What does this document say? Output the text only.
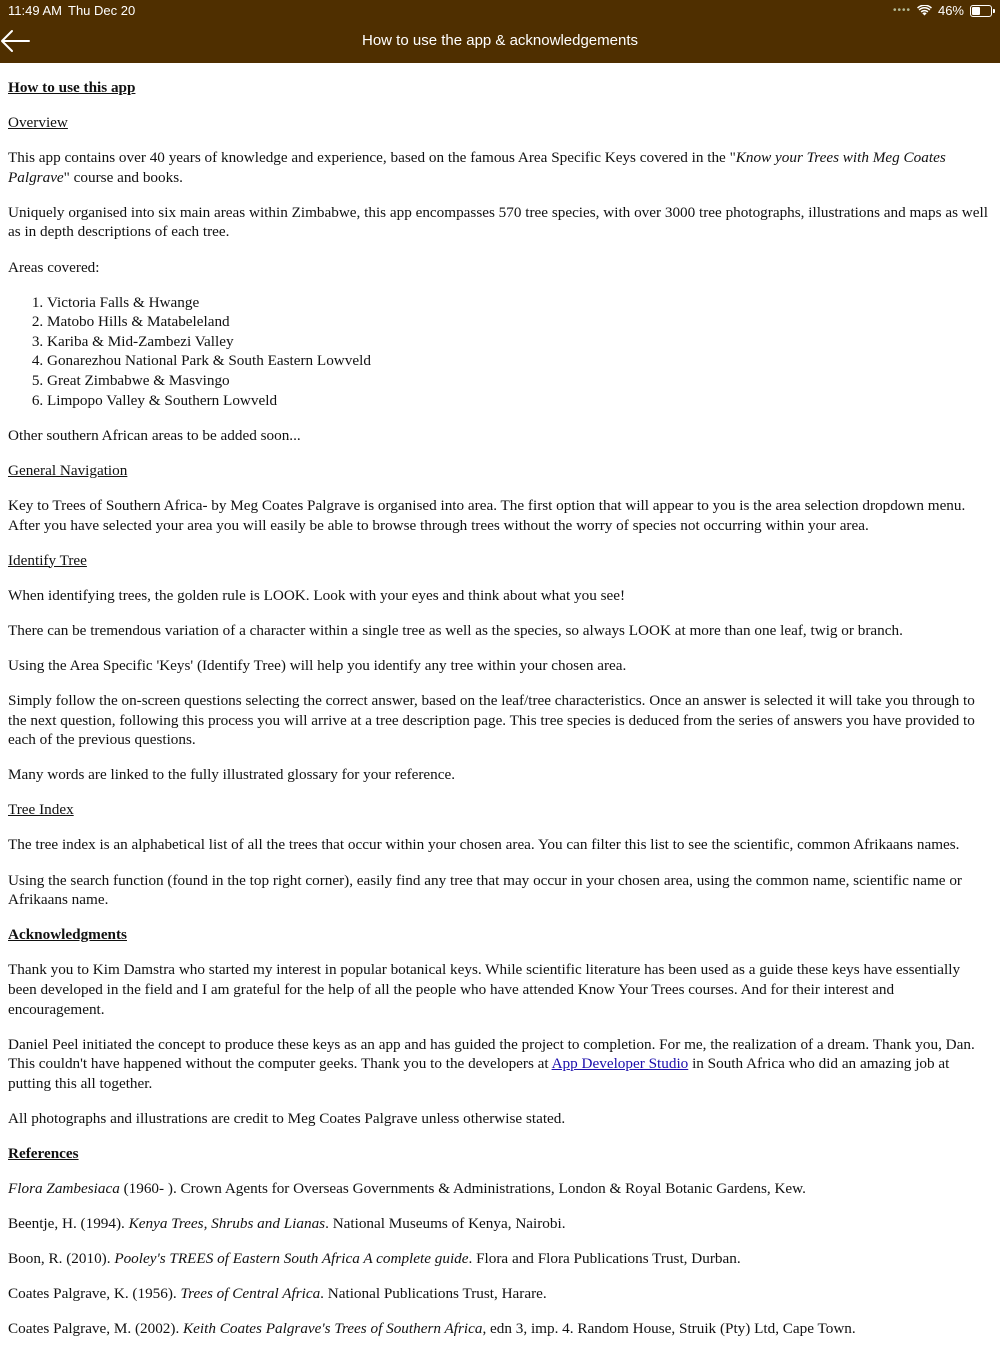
11:49 AM Thu Dec 20	•••• 46%
How to use the app & acknowledgements

How to use this app

Overview

This app contains over 40 years of knowledge and experience, based on the famous Area Specific Keys covered in the "Know your Trees with Meg Coates Palgrave" course and books.

Uniquely organised into six main areas within Zimbabwe, this app encompasses 570 tree species, with over 3000 tree photographs, illustrations and maps as well as in depth descriptions of each tree.

Areas covered:

1. Victoria Falls & Hwange
2. Matobo Hills & Matabeleland
3. Kariba & Mid-Zambezi Valley
4. Gonarezhou National Park & South Eastern Lowveld
5. Great Zimbabwe & Masvingo
6. Limpopo Valley & Southern Lowveld

Other southern African areas to be added soon...

General Navigation

Key to Trees of Southern Africa- by Meg Coates Palgrave is organised into area. The first option that will appear to you is the area selection dropdown menu. After you have selected your area you will easily be able to browse through trees without the worry of species not occurring within your area.

Identify Tree

When identifying trees, the golden rule is LOOK. Look with your eyes and think about what you see!

There can be tremendous variation of a character within a single tree as well as the species, so always LOOK at more than one leaf, twig or branch.

Using the Area Specific 'Keys' (Identify Tree) will help you identify any tree within your chosen area.

Simply follow the on-screen questions selecting the correct answer, based on the leaf/tree characteristics. Once an answer is selected it will take you through to the next question, following this process you will arrive at a tree description page. This tree species is deduced from the series of answers you have provided to each of the previous questions.

Many words are linked to the fully illustrated glossary for your reference.

Tree Index

The tree index is an alphabetical list of all the trees that occur within your chosen area. You can filter this list to see the scientific, common Afrikaans names.

Using the search function (found in the top right corner), easily find any tree that may occur in your chosen area, using the common name, scientific name or Afrikaans name.

Acknowledgments

Thank you to Kim Damstra who started my interest in popular botanical keys. While scientific literature has been used as a guide these keys have essentially been developed in the field and I am grateful for the help of all the people who have attended Know Your Trees courses. And for their interest and encouragement.

Daniel Peel initiated the concept to produce these keys as an app and has guided the project to completion. For me, the realization of a dream. Thank you, Dan. This couldn't have happened without the computer geeks. Thank you to the developers at App Developer Studio in South Africa who did an amazing job at putting this all together.

All photographs and illustrations are credit to Meg Coates Palgrave unless otherwise stated.

References

Flora Zambesiaca (1960- ). Crown Agents for Overseas Governments & Administrations, London & Royal Botanic Gardens, Kew.

Beentje, H. (1994). Kenya Trees, Shrubs and Lianas. National Museums of Kenya, Nairobi.

Boon, R. (2010). Pooley's TREES of Eastern South Africa A complete guide. Flora and Flora Publications Trust, Durban.

Coates Palgrave, K. (1956). Trees of Central Africa. National Publications Trust, Harare.

Coates Palgrave, M. (2002). Keith Coates Palgrave's Trees of Southern Africa, edn 3, imp. 4. Random House, Struik (Pty) Ltd, Cape Town.
